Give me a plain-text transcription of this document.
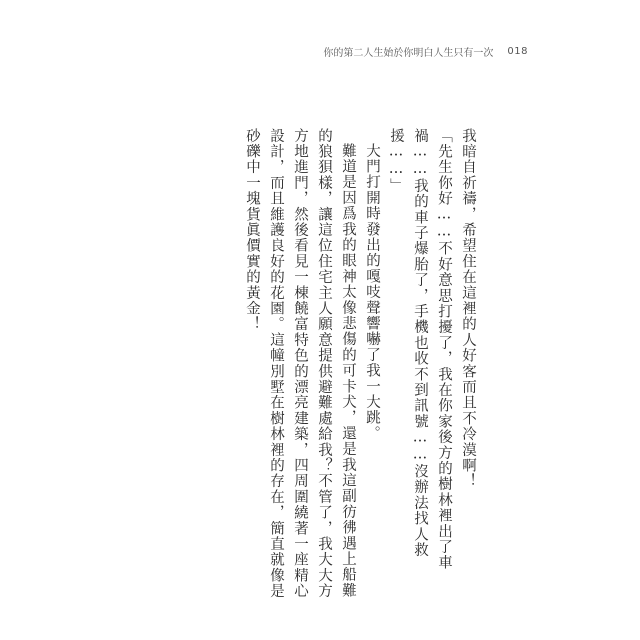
你的第二人生始於你明白人生只有一次 018

我暗自祈禱，希望住在這裡的人好客而且不冷漠啊！

「先生你好……不好意思打擾了，我在你家後方的樹林裡出了車禍……我的車子爆胎了，手機也收不到訊號……沒辦法找人救援……」

大門打開時發出的嘎吱聲響嚇了我一大跳。

難道是因爲我的眼神太像悲傷的可卡犬，還是我這副彷彿遇上船難的狼狽樣，讓這位住宅主人願意提供避難處給我？不管了，我大大方方地進門，然後看見一棟饒富特色的漂亮建築，四周圍繞著一座精心設計，而且維護良好的花園。這幢別墅在樹林裡的存在，簡直就像是砂礫中一塊貨眞價實的黃金！
